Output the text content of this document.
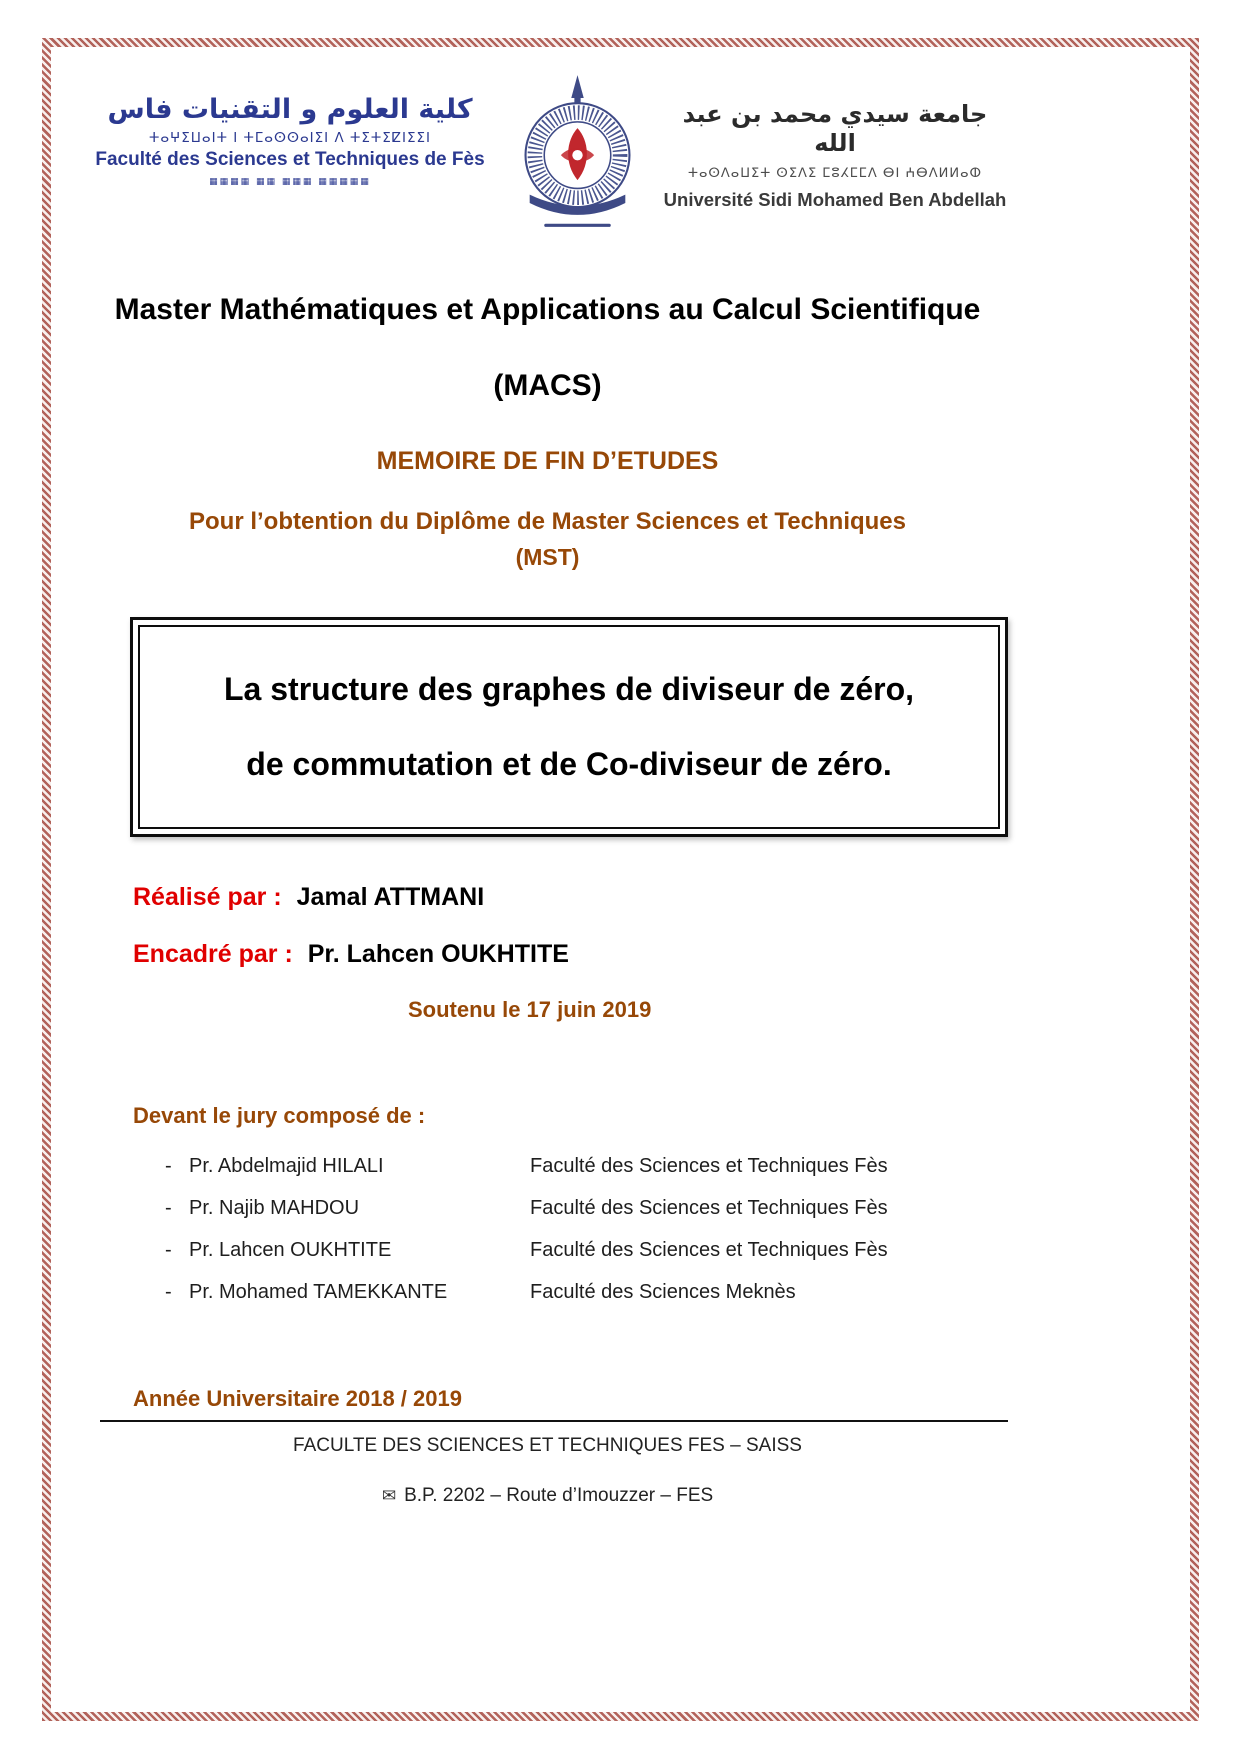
كلية العلوم و التقنيات فاس
ⵜⴰⵖⵉⵡⴰⵏⵜ ⵏ ⵜⵎⴰⵙⵙⴰⵏⵉⵏ ⴷ ⵜⵉⵜⵉⵇⵏⵉⵉⵏ
Faculté des Sciences et Techniques de Fès
▦▦▦▦ ▦▦ ▦▦▦ ▦▦▦▦▦
جامعة سيدي محمد بن عبد الله
ⵜⴰⵙⴷⴰⵡⵉⵜ ⵙⵉⴷⵉ ⵎⵓⵃⵎⵎⴷ ⴱⵏ ⵄⴱⴷⵍⵍⴰⵀ
Université Sidi Mohamed Ben Abdellah
Master Mathématiques et Applications au Calcul Scientifique
(MACS)
MEMOIRE DE FIN D’ETUDES
Pour l’obtention du Diplôme de Master Sciences et Techniques
(MST)
La structure des graphes de diviseur de zéro,
de commutation et de Co-diviseur de zéro.
Réalisé par : Jamal ATTMANI
Encadré par : Pr. Lahcen OUKHTITE
Soutenu le 17 juin 2019
Devant le jury composé de :
- Pr. Abdelmajid HILALI	Faculté des Sciences et Techniques Fès
- Pr. Najib MAHDOU	Faculté des Sciences et Techniques Fès
- Pr. Lahcen OUKHTITE	Faculté des Sciences et Techniques Fès
- Pr. Mohamed TAMEKKANTE	Faculté des Sciences Meknès
Année Universitaire 2018 / 2019
FACULTE DES SCIENCES ET TECHNIQUES FES – SAISS
✉ B.P. 2202 – Route d’Imouzzer – FES
